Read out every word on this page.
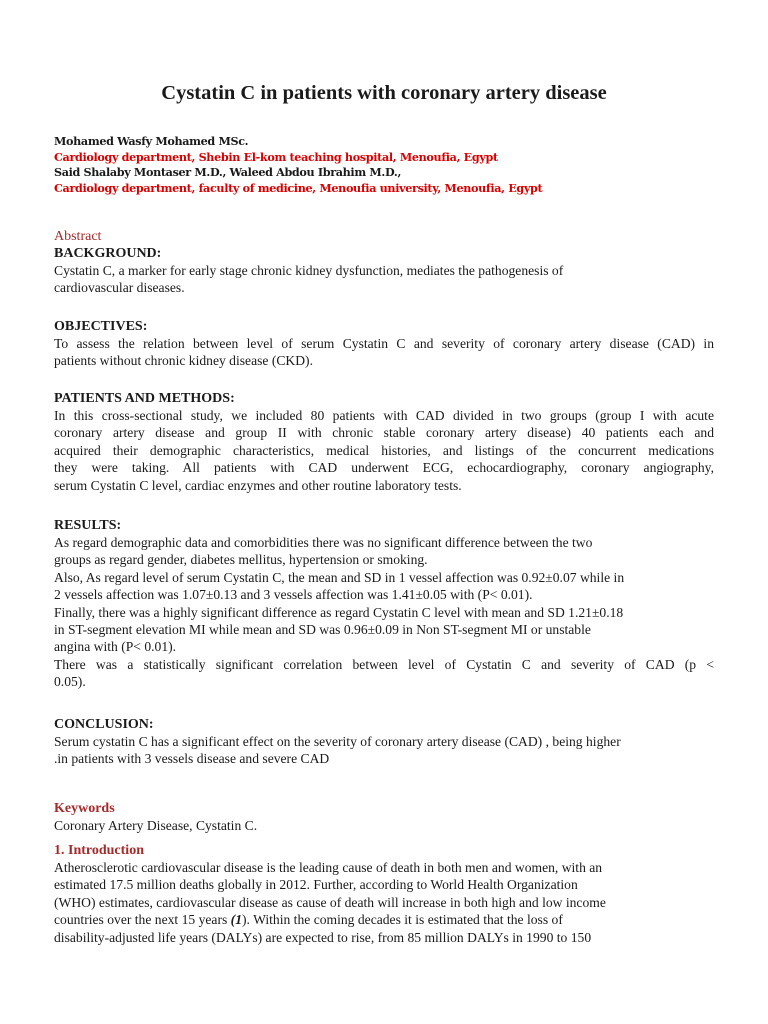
Cystatin C in patients with coronary artery disease
Mohamed Wasfy Mohamed MSc.
Cardiology department, Shebin El-kom teaching hospital, Menoufia, Egypt
Said Shalaby Montaser M.D., Waleed Abdou Ibrahim M.D.,
Cardiology department, faculty of medicine, Menoufia university, Menoufia, Egypt
Abstract
BACKGROUND:
Cystatin C, a marker for early stage chronic kidney dysfunction, mediates the pathogenesis of
cardiovascular diseases.
OBJECTIVES:
To assess the relation between level of serum Cystatin C and severity of coronary artery disease (CAD) in
patients without chronic kidney disease (CKD).
PATIENTS AND METHODS:
In this cross-sectional study, we included 80 patients with CAD divided in two groups (group I with acute
coronary artery disease and group II with chronic stable coronary artery disease) 40 patients each and
acquired their demographic characteristics, medical histories, and listings of the concurrent medications
they were taking. All patients with CAD underwent ECG, echocardiography, coronary angiography,
serum Cystatin C level, cardiac enzymes and other routine laboratory tests.
RESULTS:
As regard demographic data and comorbidities there was no significant difference between the two
groups as regard gender, diabetes mellitus, hypertension or smoking.
Also, As regard level of serum Cystatin C, the mean and SD in 1 vessel affection was 0.92±0.07 while in
2 vessels affection was 1.07±0.13 and 3 vessels affection was 1.41±0.05 with (P< 0.01).
Finally, there was a highly significant difference as regard Cystatin C level with mean and SD 1.21±0.18
in ST-segment elevation MI while mean and SD was 0.96±0.09 in Non ST-segment MI or unstable
angina with (P< 0.01).
There was a statistically significant correlation between level of Cystatin C and severity of CAD (p <
0.05).
CONCLUSION:
Serum cystatin C has a significant effect on the severity of coronary artery disease (CAD) , being higher
.in patients with 3 vessels disease and severe CAD
Keywords
Coronary Artery Disease, Cystatin C.
1. Introduction
Atherosclerotic cardiovascular disease is the leading cause of death in both men and women, with an
estimated 17.5 million deaths globally in 2012. Further, according to World Health Organization
(WHO) estimates, cardiovascular disease as cause of death will increase in both high and low income
countries over the next 15 years (1). Within the coming decades it is estimated that the loss of
disability-adjusted life years (DALYs) are expected to rise, from 85 million DALYs in 1990 to 150
